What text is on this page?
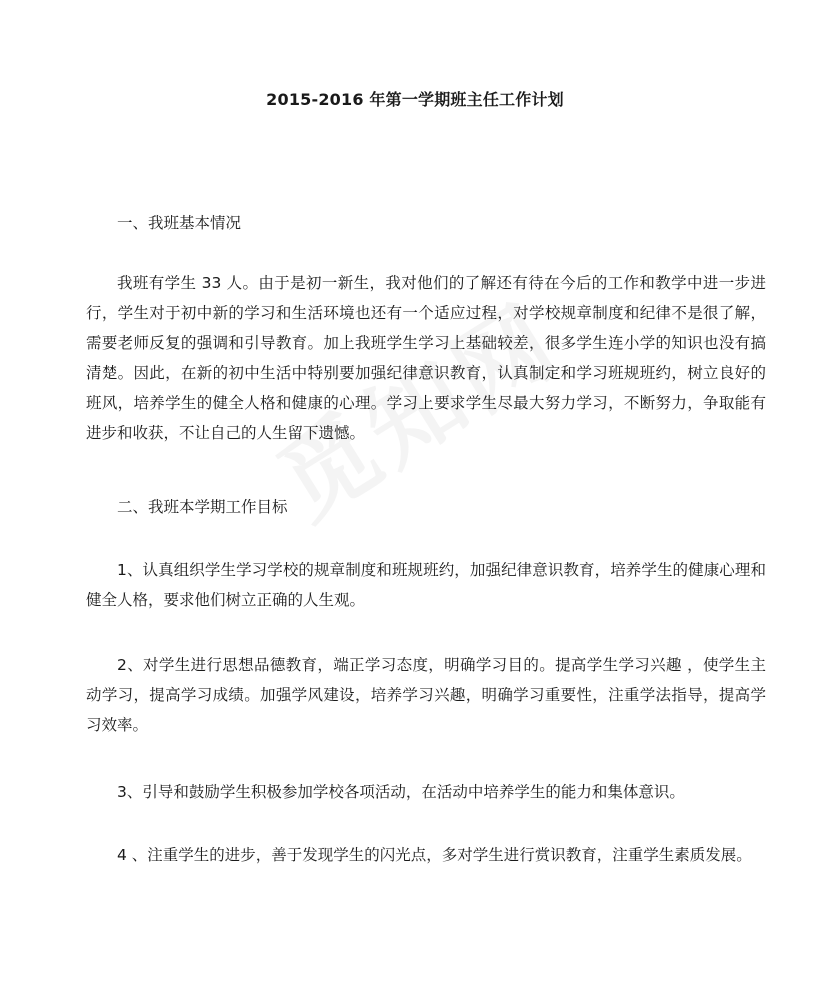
2015-2016 年第一学期班主任工作计划

一、我班基本情况

我班有学生 33 人。由于是初一新生，我对他们的了解还有待在今后的工作和教学中进一步进行，学生对于初中新的学习和生活环境也还有一个适应过程，对学校规章制度和纪律不是很了解，需要老师反复的强调和引导教育。加上我班学生学习上基础较差，很多学生连小学的知识也没有搞清楚。因此，在新的初中生活中特别要加强纪律意识教育，认真制定和学习班规班约，树立良好的班风，培养学生的健全人格和健康的心理。学习上要求学生尽最大努力学习，不断努力，争取能有进步和收获，不让自己的人生留下遗憾。

二、我班本学期工作目标

1、认真组织学生学习学校的规章制度和班规班约，加强纪律意识教育，培养学生的健康心理和健全人格，要求他们树立正确的人生观。

2、对学生进行思想品德教育，端正学习态度，明确学习目的。提高学生学习兴趣 ，使学生主动学习，提高学习成绩。加强学风建设，培养学习兴趣，明确学习重要性，注重学法指导，提高学习效率。

3、引导和鼓励学生积极参加学校各项活动，在活动中培养学生的能力和集体意识。

4 、注重学生的进步，善于发现学生的闪光点，多对学生进行赏识教育，注重学生素质发展。
